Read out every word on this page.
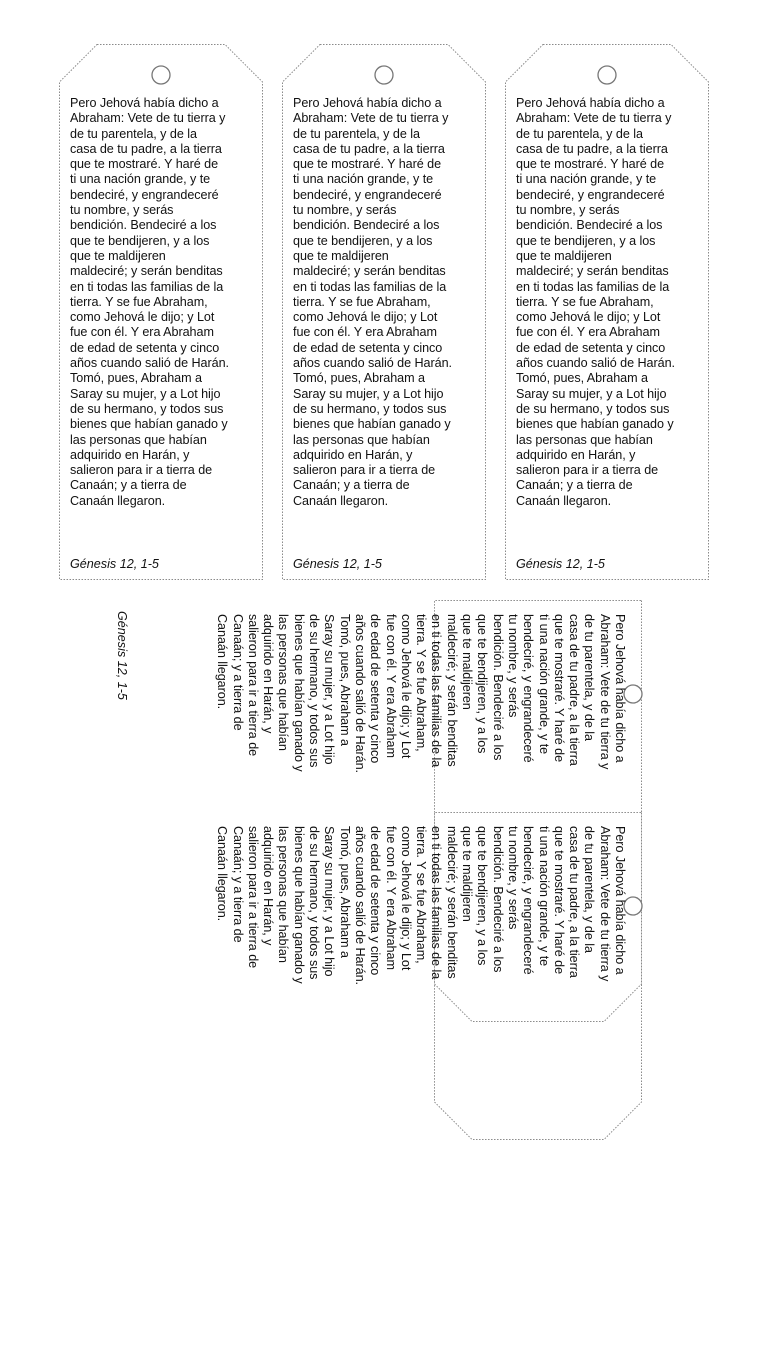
Pero Jehová había dicho a
Abraham: Vete de tu tierra y
de tu parentela, y de la
casa de tu padre, a la tierra
que te mostraré. Y haré de
ti una nación grande, y te
bendeciré, y engrandeceré
tu nombre, y serás
bendición. Bendeciré a los
que te bendijeren, y a los
que te maldijeren
maldeciré; y serán benditas
en ti todas las familias de la
tierra. Y se fue Abraham,
como Jehová le dijo; y Lot
fue con él. Y era Abraham
de edad de setenta y cinco
años cuando salió de Harán.
Tomó, pues, Abraham a
Saray su mujer, y a Lot hijo
de su hermano, y todos sus
bienes que habían ganado y
las personas que habían
adquirido en Harán, y
salieron para ir a tierra de
Canaán; y a tierra de
Canaán llegaron.
Génesis 12, 1-5
Pero Jehová había dicho a
Abraham: Vete de tu tierra y
de tu parentela, y de la
casa de tu padre, a la tierra
que te mostraré. Y haré de
ti una nación grande, y te
bendeciré, y engrandeceré
tu nombre, y serás
bendición. Bendeciré a los
que te bendijeren, y a los
que te maldijeren
maldeciré; y serán benditas
en ti todas las familias de la
tierra. Y se fue Abraham,
como Jehová le dijo; y Lot
fue con él. Y era Abraham
de edad de setenta y cinco
años cuando salió de Harán.
Tomó, pues, Abraham a
Saray su mujer, y a Lot hijo
de su hermano, y todos sus
bienes que habían ganado y
las personas que habían
adquirido en Harán, y
salieron para ir a tierra de
Canaán; y a tierra de
Canaán llegaron.
Génesis 12, 1-5
Pero Jehová había dicho a
Abraham: Vete de tu tierra y
de tu parentela, y de la
casa de tu padre, a la tierra
que te mostraré. Y haré de
ti una nación grande, y te
bendeciré, y engrandeceré
tu nombre, y serás
bendición. Bendeciré a los
que te bendijeren, y a los
que te maldijeren
maldeciré; y serán benditas
en ti todas las familias de la
tierra. Y se fue Abraham,
como Jehová le dijo; y Lot
fue con él. Y era Abraham
de edad de setenta y cinco
años cuando salió de Harán.
Tomó, pues, Abraham a
Saray su mujer, y a Lot hijo
de su hermano, y todos sus
bienes que habían ganado y
las personas que habían
adquirido en Harán, y
salieron para ir a tierra de
Canaán; y a tierra de
Canaán llegaron.
Génesis 12, 1-5
Pero Jehová había dicho a
Abraham: Vete de tu tierra y
de tu parentela, y de la
casa de tu padre, a la tierra
que te mostraré. Y haré de
ti una nación grande, y te
bendeciré, y engrandeceré
tu nombre, y serás
bendición. Bendeciré a los
que te bendijeren, y a los
que te maldijeren
maldeciré; y serán benditas
en ti todas las familias de la
tierra. Y se fue Abraham,
como Jehová le dijo; y Lot
fue con él. Y era Abraham
de edad de setenta y cinco
años cuando salió de Harán.
Tomó, pues, Abraham a
Saray su mujer, y a Lot hijo
de su hermano, y todos sus
bienes que habían ganado y
las personas que habían
adquirido en Harán, y
salieron para ir a tierra de
Canaán; y a tierra de
Canaán llegaron.
Génesis 12, 1-5
Pero Jehová había dicho a
Abraham: Vete de tu tierra y
de tu parentela, y de la
casa de tu padre, a la tierra
que te mostraré. Y haré de
ti una nación grande, y te
bendeciré, y engrandeceré
tu nombre, y serás
bendición. Bendeciré a los
que te bendijeren, y a los
que te maldijeren
maldeciré; y serán benditas
en ti todas las familias de la
tierra. Y se fue Abraham,
como Jehová le dijo; y Lot
fue con él. Y era Abraham
de edad de setenta y cinco
años cuando salió de Harán.
Tomó, pues, Abraham a
Saray su mujer, y a Lot hijo
de su hermano, y todos sus
bienes que habían ganado y
las personas que habían
adquirido en Harán, y
salieron para ir a tierra de
Canaán; y a tierra de
Canaán llegaron.
